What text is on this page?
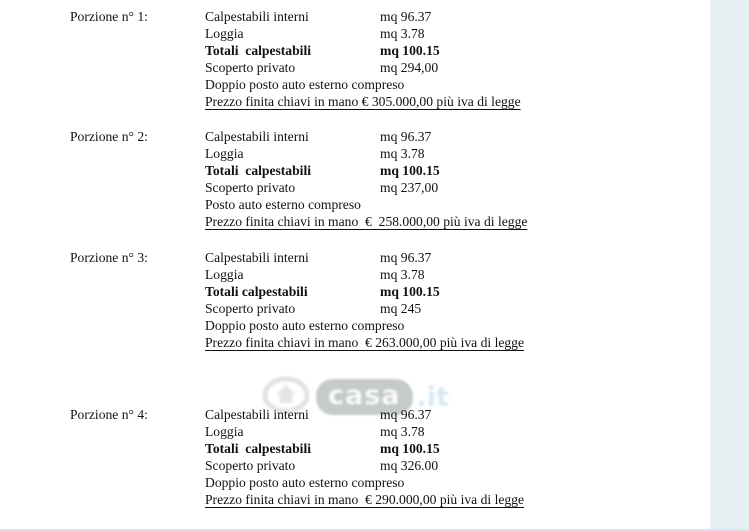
Porzione n° 1:	Calpestabili interni	mq 96.37
Loggia	mq 3.78
Totali  calpestabili	mq 100.15
Scoperto privato	mq 294,00
Doppio posto auto esterno compreso
Prezzo finita chiavi in mano € 305.000,00 più iva di legge
Porzione n° 2:	Calpestabili interni	mq 96.37
Loggia	mq 3.78
Totali  calpestabili	mq 100.15
Scoperto privato	mq 237,00
Posto auto esterno compreso
Prezzo finita chiavi in mano  €  258.000,00 più iva di legge
Porzione n° 3:	Calpestabili interni	mq 96.37
Loggia	mq 3.78
Totali calpestabili	mq 100.15
Scoperto privato	mq 245
Doppio posto auto esterno compreso
Prezzo finita chiavi in mano  € 263.000,00 più iva di legge
casa .it
Porzione n° 4:	Calpestabili interni	mq 96.37
Loggia	mq 3.78
Totali  calpestabili	mq 100.15
Scoperto privato	mq 326.00
Doppio posto auto esterno compreso
Prezzo finita chiavi in mano  € 290.000,00 più iva di legge
